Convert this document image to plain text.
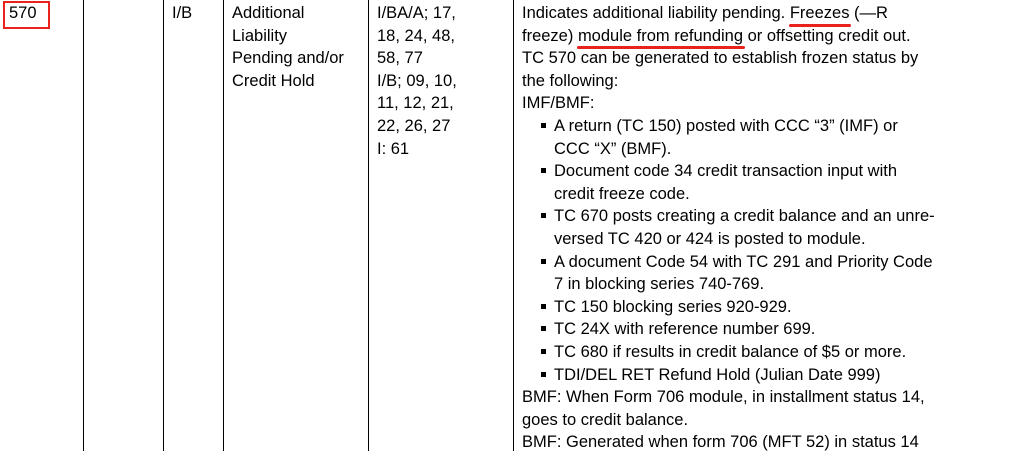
570	I/B Additional
Liability
Pending and/or
Credit Hold
I/BA/A; 17,
18, 24, 48,
58, 77
I/B; 09, 10,
11, 12, 21,
22, 26, 27
I: 61
Indicates additional liability pending. Freezes (—R
freeze) module from refunding or offsetting credit out.
TC 570 can be generated to establish frozen status by
the following:
IMF/BMF:
A return (TC 150) posted with CCC “3” (IMF) or
CCC “X” (BMF).
Document code 34 credit transaction input with
credit freeze code.
TC 670 posts creating a credit balance and an unre-
versed TC 420 or 424 is posted to module.
A document Code 54 with TC 291 and Priority Code
7 in blocking series 740-769.
TC 150 blocking series 920-929.
TC 24X with reference number 699.
TC 680 if results in credit balance of $5 or more.
TDI/DEL RET Refund Hold (Julian Date 999)
BMF: When Form 706 module, in installment status 14,
goes to credit balance.
BMF: Generated when form 706 (MFT 52) in status 14
